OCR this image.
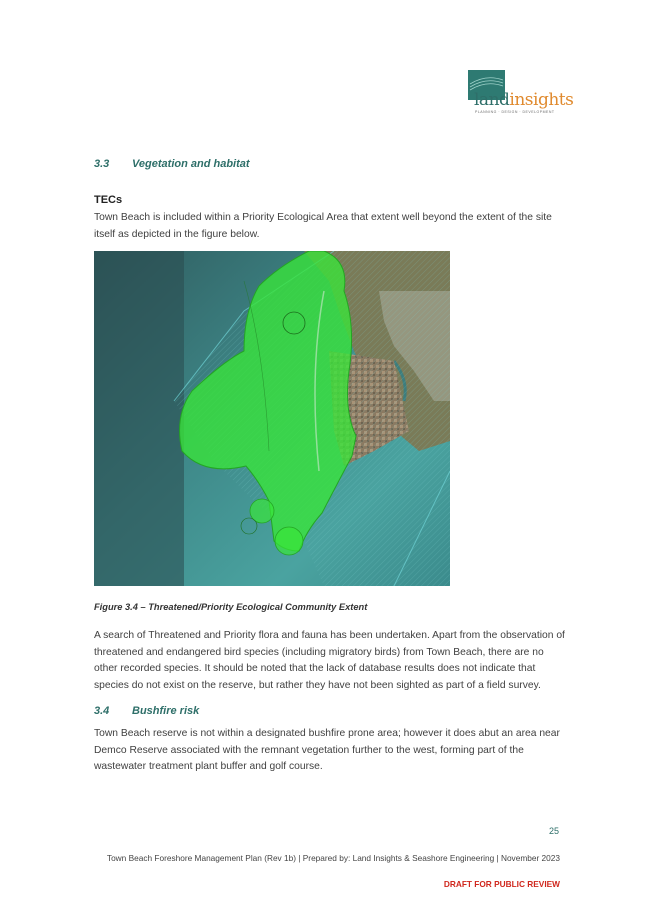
landinsights
PLANNING · DESIGN · DEVELOPMENT
3.3 Vegetation and habitat
TECs

Town Beach is included within a Priority Ecological Area that extent well beyond the extent of the site itself as depicted in the figure below.

Figure 3.4 – Threatened/Priority Ecological Community Extent

A search of Threatened and Priority flora and fauna has been undertaken. Apart from the observation of threatened and endangered bird species (including migratory birds) from Town Beach, there are no other recorded species. It should be noted that the lack of database results does not indicate that species do not exist on the reserve, but rather they have not been sighted as part of a field survey.

3.4 Bushfire risk

Town Beach reserve is not within a designated bushfire prone area; however it does abut an area near Demco Reserve associated with the remnant vegetation further to the west, forming part of the wastewater treatment plant buffer and golf course.

25
Town Beach Foreshore Management Plan (Rev 1b) | Prepared by: Land Insights & Seashore Engineering | November 2023
DRAFT FOR PUBLIC REVIEW
